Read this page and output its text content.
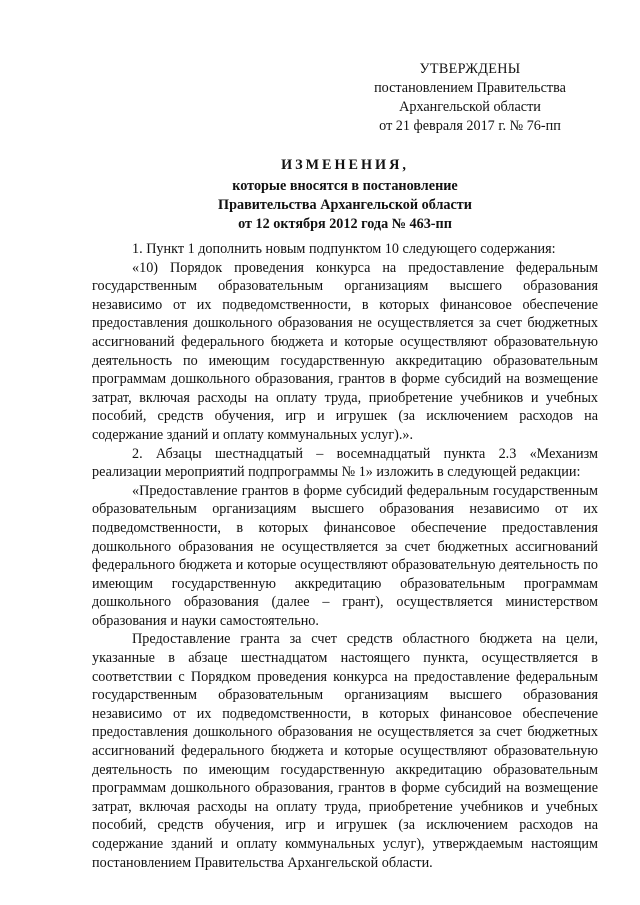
УТВЕРЖДЕНЫ
постановлением Правительства
Архангельской области
от 21 февраля 2017 г. № 76-пп
ИЗМЕНЕНИЯ,
которые вносятся в постановление
Правительства Архангельской области
от 12 октября 2012 года № 463-пп

1. Пункт 1 дополнить новым подпунктом 10 следующего содержания:

«10) Порядок проведения конкурса на предоставление федеральным государственным образовательным организациям высшего образования независимо от их подведомственности, в которых финансовое обеспечение предоставления дошкольного образования не осуществляется за счет бюджетных ассигнований федерального бюджета и которые осуществляют образовательную деятельность по имеющим государственную аккредитацию образовательным программам дошкольного образования, грантов в форме субсидий на возмещение затрат, включая расходы на оплату труда, приобретение учебников и учебных пособий, средств обучения, игр и игрушек (за исключением расходов на содержание зданий и оплату коммунальных услуг).».

2. Абзацы шестнадцатый – восемнадцатый пункта 2.3 «Механизм реализации мероприятий подпрограммы № 1» изложить в следующей редакции:

«Предоставление грантов в форме субсидий федеральным государственным образовательным организациям высшего образования независимо от их подведомственности, в которых финансовое обеспечение предоставления дошкольного образования не осуществляется за счет бюджетных ассигнований федерального бюджета и которые осуществляют образовательную деятельность по имеющим государственную аккредитацию образовательным программам дошкольного образования (далее – грант), осуществляется министерством образования и науки самостоятельно.

Предоставление гранта за счет средств областного бюджета на цели, указанные в абзаце шестнадцатом настоящего пункта, осуществляется в соответствии с Порядком проведения конкурса на предоставление федеральным государственным образовательным организациям высшего образования независимо от их подведомственности, в которых финансовое обеспечение предоставления дошкольного образования не осуществляется за счет бюджетных ассигнований федерального бюджета и которые осуществляют образовательную деятельность по имеющим государственную аккредитацию образовательным программам дошкольного образования, грантов в форме субсидий на возмещение затрат, включая расходы на оплату труда, приобретение учебников и учебных пособий, средств обучения, игр и игрушек (за исключением расходов на содержание зданий и оплату коммунальных услуг), утверждаемым настоящим постановлением Правительства Архангельской области.
